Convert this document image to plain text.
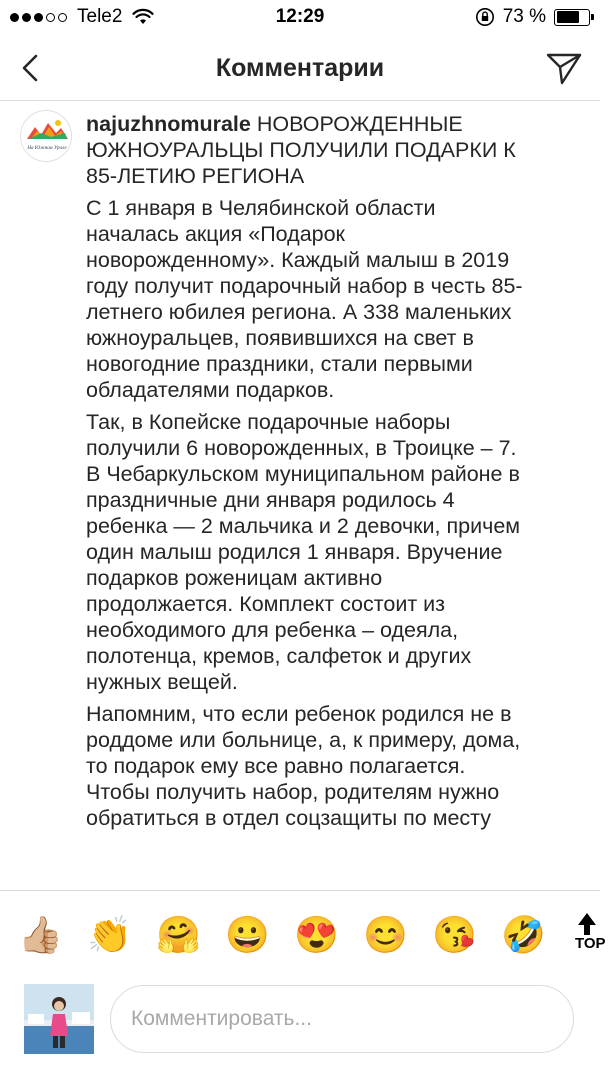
Tele2	12:29	73 %
Комментарии
На Южном Урале

najuzhnomurale НОВОРОЖДЕННЫЕ ЮЖНОУРАЛЬЦЫ ПОЛУЧИЛИ ПОДАРКИ К 85-ЛЕТИЮ РЕГИОНА

С 1 января в Челябинской области началась акция «Подарок новорожденному». Каждый малыш в 2019 году получит подарочный набор в честь 85-летнего юбилея региона. А 338 маленьких южноуральцев, появившихся на свет в новогодние праздники, стали первыми обладателями подарков.

Так, в Копейске подарочные наборы получили 6 новорожденных, в Троицке – 7. В Чебаркульском муниципальном районе в праздничные дни января родилось 4 ребенка — 2 мальчика и 2 девочки, причем один малыш родился 1 января. Вручение подарков роженицам активно продолжается. Комплект состоит из необходимого для ребенка – одеяла, полотенца, кремов, салфеток и других нужных вещей.

Напомним, что если ребенок родился не в роддоме или больнице, а, к примеру, дома, то подарок ему все равно полагается. Чтобы получить набор, родителям нужно обратиться в отдел соцзащиты по месту

👍🏼 👏 🤗 😀 😍 😊 😘 🤣 TOP
Комментировать...
